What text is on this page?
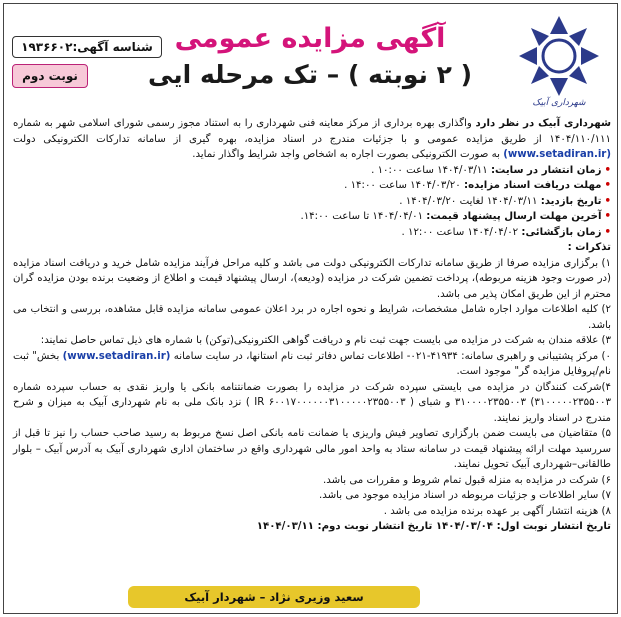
شهرداری آبیک
آگهی مزایده عمومی
( ۲ نوبته ) – تک مرحله ایی
شناسه آگهی:۱۹۳۶۶۰۲
نوبت دوم

شهرداری آبیک در نظر دارد واگذاری بهره برداری از مرکز معاینه فنی شهرداری را به استناد مجوز رسمی شورای اسلامی شهر به شماره ۱۴۰۴/۱۱۰/۱۱۱ از طریق مزایده عمومی و با جزئیات مندرج در اسناد مزایده، بهره گیری از سامانه تدارکات الکترونیکی دولت (www.setadiran.ir) به صورت الکترونیکی بصورت اجاره به اشخاص واجد شرایط واگذار نماید.

•زمان انتشار در سایت: ۱۴۰۴/۰۳/۱۱ ساعت ۱۰:۰۰ .

•مهلت دریافت اسناد مزایده: ۱۴۰۴/۰۳/۲۰ ساعت ۱۴:۰۰ .

•تاریخ بازدید: ۱۴۰۴/۰۳/۱۱ لغایت ۱۴۰۴/۰۳/۲۰ .

•آخرین مهلت ارسال پیشنهاد قیمت: ۱۴۰۴/۰۴/۰۱ تا ساعت ۱۴:۰۰.

•زمان بازگشائی: ۱۴۰۴/۰۴/۰۲ ساعت ۱۲:۰۰ .

تذکرات :

۱) برگزاری مزایده صرفا از طریق سامانه تدارکات الکترونیکی دولت می باشد و کلیه مراحل فرآیند مزایده شامل خرید و دریافت اسناد مزایده (در صورت وجود هزینه مربوطه)، پرداخت تضمین شرکت در مزایده (ودیعه)، ارسال پیشنهاد قیمت و اطلاع از وضعیت برنده بودن مزایده گران محترم از این طریق امکان پذیر می باشد.

۲) کلیه اطلاعات موارد اجاره شامل مشخصات، شرایط و نحوه اجاره در برد اعلان عمومی سامانه مزایده قابل مشاهده، بررسی و انتخاب می باشد.

۳) علاقه مندان به شرکت در مزایده می بایست جهت ثبت نام و دریافت گواهی الکترونیکی(توکن) با شماره های ذیل تماس حاصل نمایند:

۰) مرکز پشتیبانی و راهبری سامانه: ۴۱۹۳۴-۰۲۱- اطلاعات تماس دفاتر ثبت نام استانها، در سایت سامانه (www.setadiran.ir) بخش" ثبت نام/پروفایل مزایده گر" موجود است.

۴)شرکت کنندگان در مزایده می بایستی سپرده شرکت در مزایده را بصورت ضمانتنامه بانکی یا واریز نقدی به حساب سپرده شماره ۳۱۰۰۰۰۰۲۳۵۵۰۰۳) ۳۱۰۰۰۰۲۳۵۵۰۰۳ و شبای ( IR ۶۰۰۱۷۰۰۰۰۰۰۳۱۰۰۰۰۰۲۳۵۵۰۰۳ ) نزد بانک ملی به نام شهرداری آبیک به میزان و شرح مندرج در اسناد واریز نمایند.

۵) متقاضیان می بایست ضمن بارگزاری تصاویر فیش واریزی یا ضمانت نامه بانکی اصل نسخ مربوط به رسید صاحب حساب را نیز تا قبل از سررسید مهلت ارائه پیشنهاد قیمت در سامانه ستاد به واحد امور مالی شهرداری واقع در ساختمان اداری شهرداری آبیک به آدرس آبیک – بلوار طالقانی–شهرداری آبیک تحویل نمایند.

۶) شرکت در مزایده به منزله قبول تمام شروط و مقررات می باشد.

۷) سایر اطلاعات و جزئیات مربوطه در اسناد مزایده موجود می باشد.

۸) هزینه انتشار آگهی بر عهده برنده مزایده می باشد .

تاریخ انتشار نوبت اول: ۱۴۰۴/۰۳/۰۴ تاریخ انتشار نوبت دوم: ۱۴۰۴/۰۳/۱۱

سعید وزیری نژاد – شهردار آبیک
